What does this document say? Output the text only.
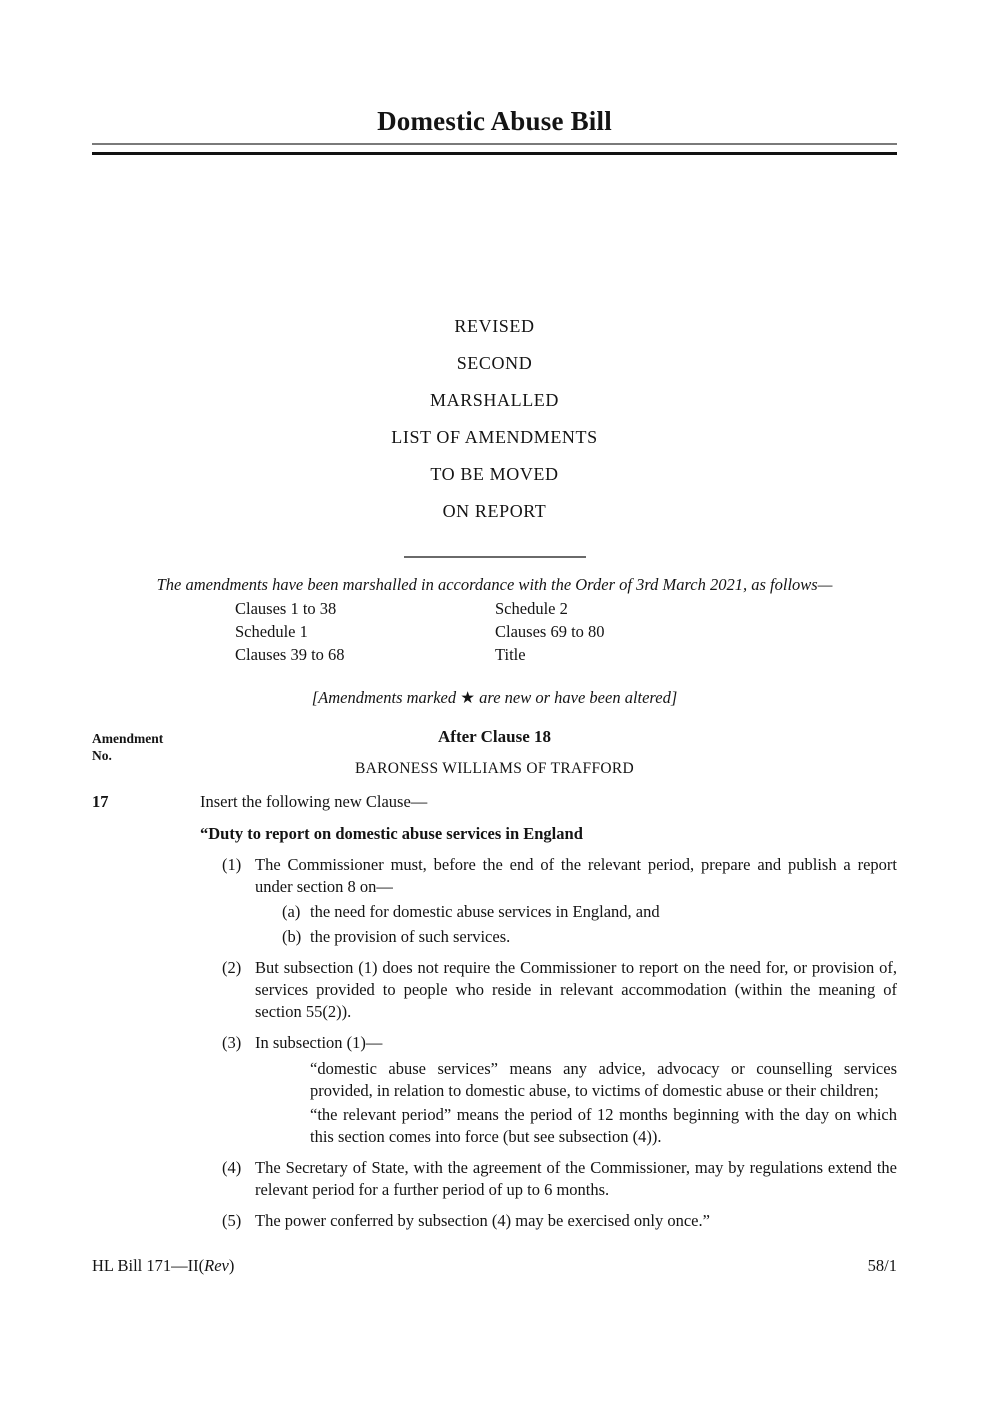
Domestic Abuse Bill
REVISED
SECOND
MARSHALLED
LIST OF AMENDMENTS
TO BE MOVED
ON REPORT

The amendments have been marshalled in accordance with the Order of 3rd March 2021, as follows—

Clauses 1 to 38
Schedule 1
Clauses 39 to 68
Schedule 2
Clauses 69 to 80
Title

[Amendments marked ★ are new or have been altered]

Amendment
No.
After Clause 18
BARONESS WILLIAMS OF TRAFFORD
17	Insert the following new Clause—

“Duty to report on domestic abuse services in England

(1) The Commissioner must, before the end of the relevant period, prepare and publish a report under section 8 on—
(a) the need for domestic abuse services in England, and
(b) the provision of such services.
(2) But subsection (1) does not require the Commissioner to report on the need for, or provision of, services provided to people who reside in relevant accommodation (within the meaning of section 55(2)).
(3) In subsection (1)—

“domestic abuse services” means any advice, advocacy or counselling services provided, in relation to domestic abuse, to victims of domestic abuse or their children;

“the relevant period” means the period of 12 months beginning with the day on which this section comes into force (but see subsection (4)).

(4) The Secretary of State, with the agreement of the Commissioner, may by regulations extend the relevant period for a further period of up to 6 months.
(5) The power conferred by subsection (4) may be exercised only once.”
HL Bill 171—II(Rev)	58/1
